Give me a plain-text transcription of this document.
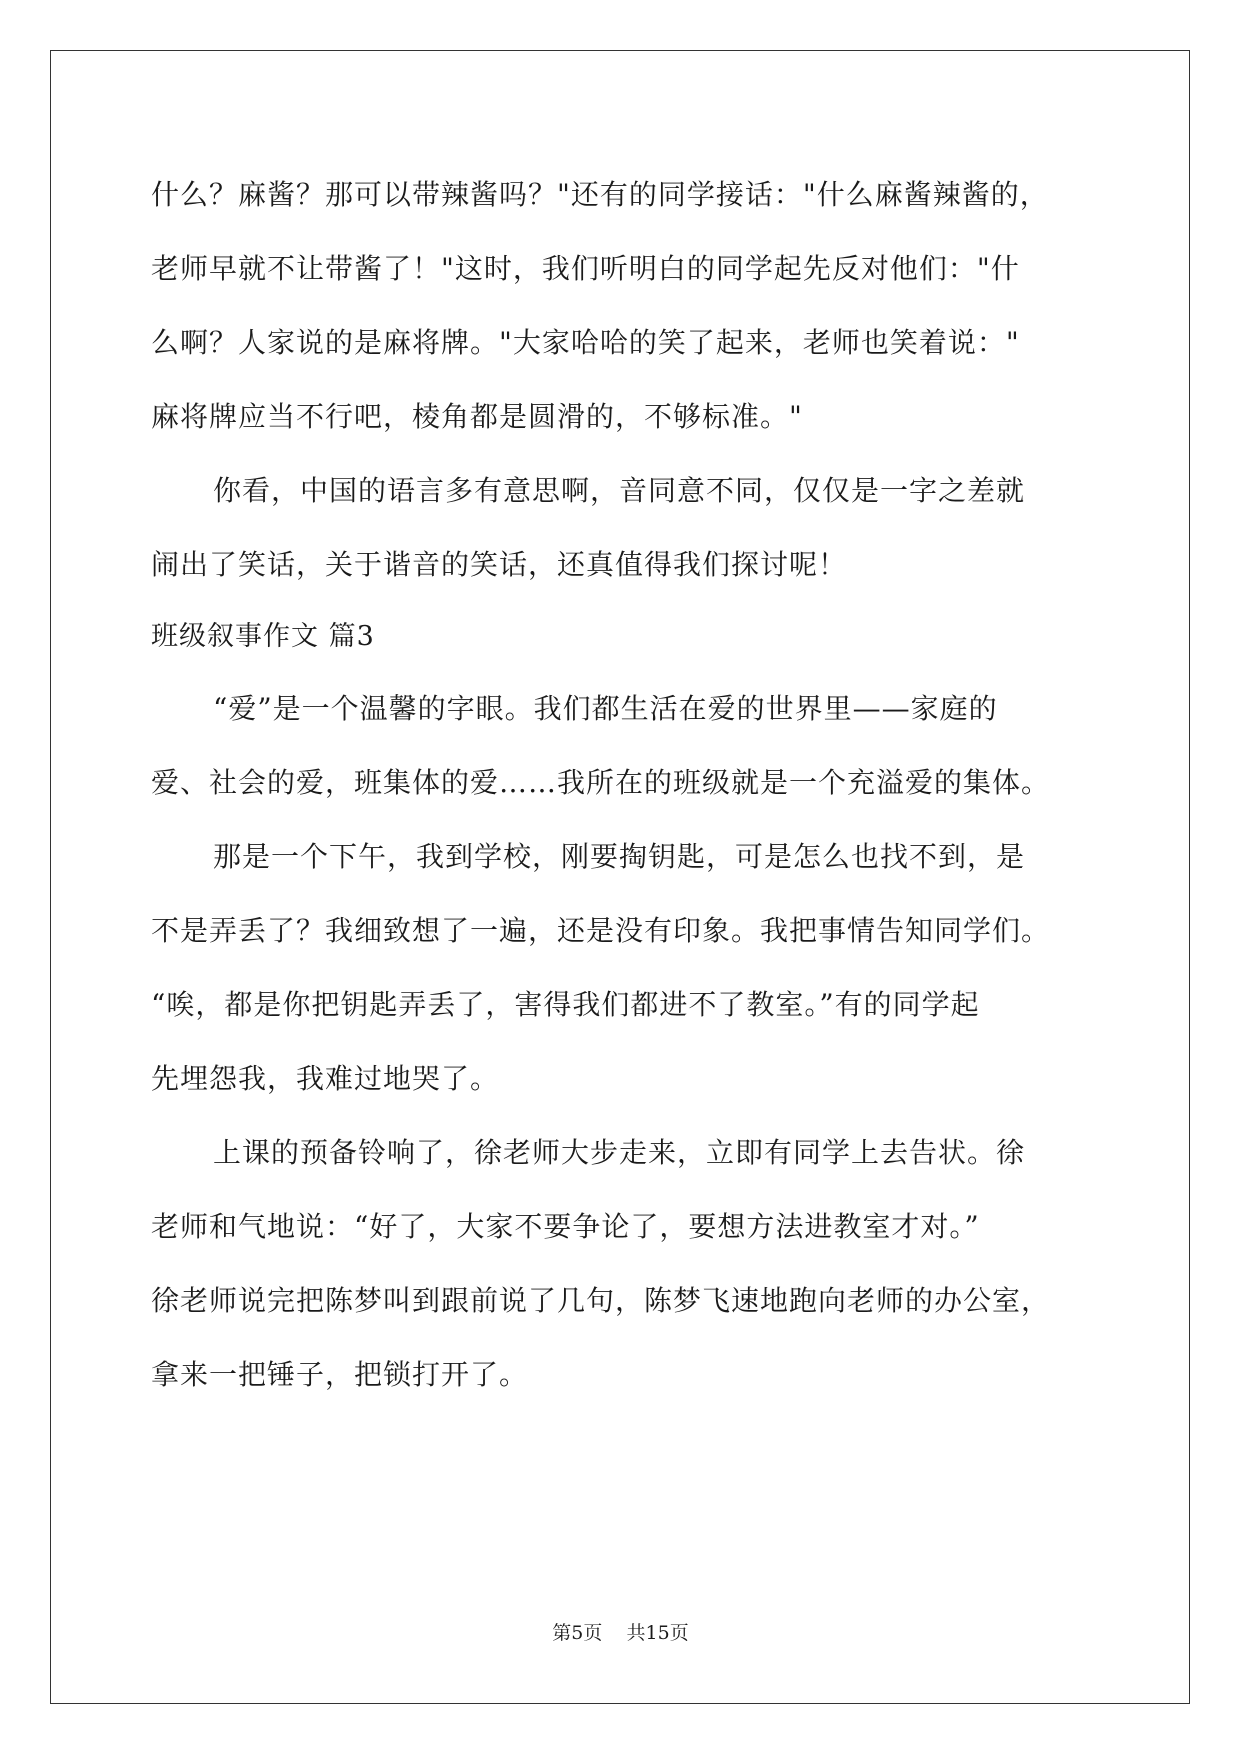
什么？麻酱？那可以带辣酱吗？"还有的同学接话："什么麻酱辣酱的，
老师早就不让带酱了！"这时，我们听明白的同学起先反对他们："什
么啊？人家说的是麻将牌。"大家哈哈的笑了起来，老师也笑着说："
麻将牌应当不行吧，棱角都是圆滑的，不够标准。"
你看，中国的语言多有意思啊，音同意不同，仅仅是一字之差就
闹出了笑话，关于谐音的笑话，还真值得我们探讨呢！
班级叙事作文 篇3
“爱”是一个温馨的字眼。我们都生活在爱的世界里——家庭的
爱、社会的爱，班集体的爱……我所在的班级就是一个充溢爱的集体。
那是一个下午，我到学校，刚要掏钥匙，可是怎么也找不到，是
不是弄丢了？我细致想了一遍，还是没有印象。我把事情告知同学们。
“唉，都是你把钥匙弄丢了，害得我们都进不了教室。”有的同学起
先埋怨我，我难过地哭了。
上课的预备铃响了，徐老师大步走来，立即有同学上去告状。徐
老师和气地说：“好了，大家不要争论了，要想方法进教室才对。”
徐老师说完把陈梦叫到跟前说了几句，陈梦飞速地跑向老师的办公室，
拿来一把锤子，把锁打开了。
第5页 共15页
